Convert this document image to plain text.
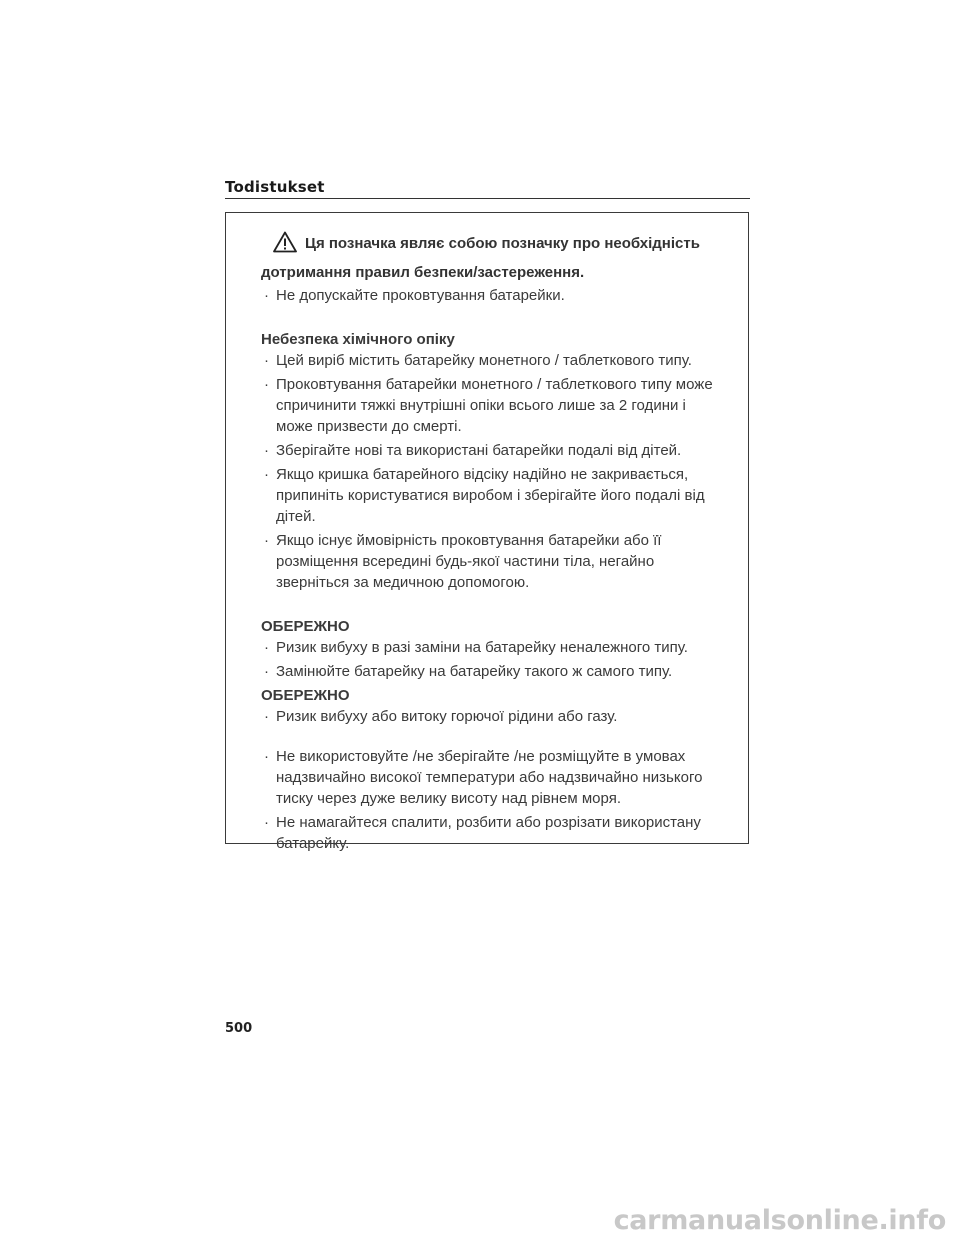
Todistukset

Ця позначка являє собою позначку про необхідність дотримання правил безпеки/застереження.

· Не допускайте проковтування батарейки.

Небезпека хімічного опіку

· Цей виріб містить батарейку монетного / таблеткового типу.

· Проковтування батарейки монетного / таблеткового типу може спричинити тяжкі внутрішні опіки всього лише за 2 години і може призвести до смерті.

· Зберігайте нові та використані батарейки подалі від дітей.

· Якщо кришка батарейного відсіку надійно не закривається, припиніть користуватися виробом і зберігайте його подалі від дітей.

· Якщо існує ймовірність проковтування батарейки або її розміщення всередині будь-якої частини тіла, негайно зверніться за медичною допомогою.

ОБЕРЕЖНО

· Ризик вибуху в разі заміни на батарейку неналежного типу.

· Замінюйте батарейку на батарейку такого ж самого типу.

ОБЕРЕЖНО

· Ризик вибуху або витоку горючої рідини або газу.

· Не використовуйте /не зберігайте /не розміщуйте в умовах надзвичайно високої температури або надзвичайно низького тиску через дуже велику висоту над рівнем моря.

· Не намагайтеся спалити, розбити або розрізати використану батарейку.

500
carmanualsonline.info
